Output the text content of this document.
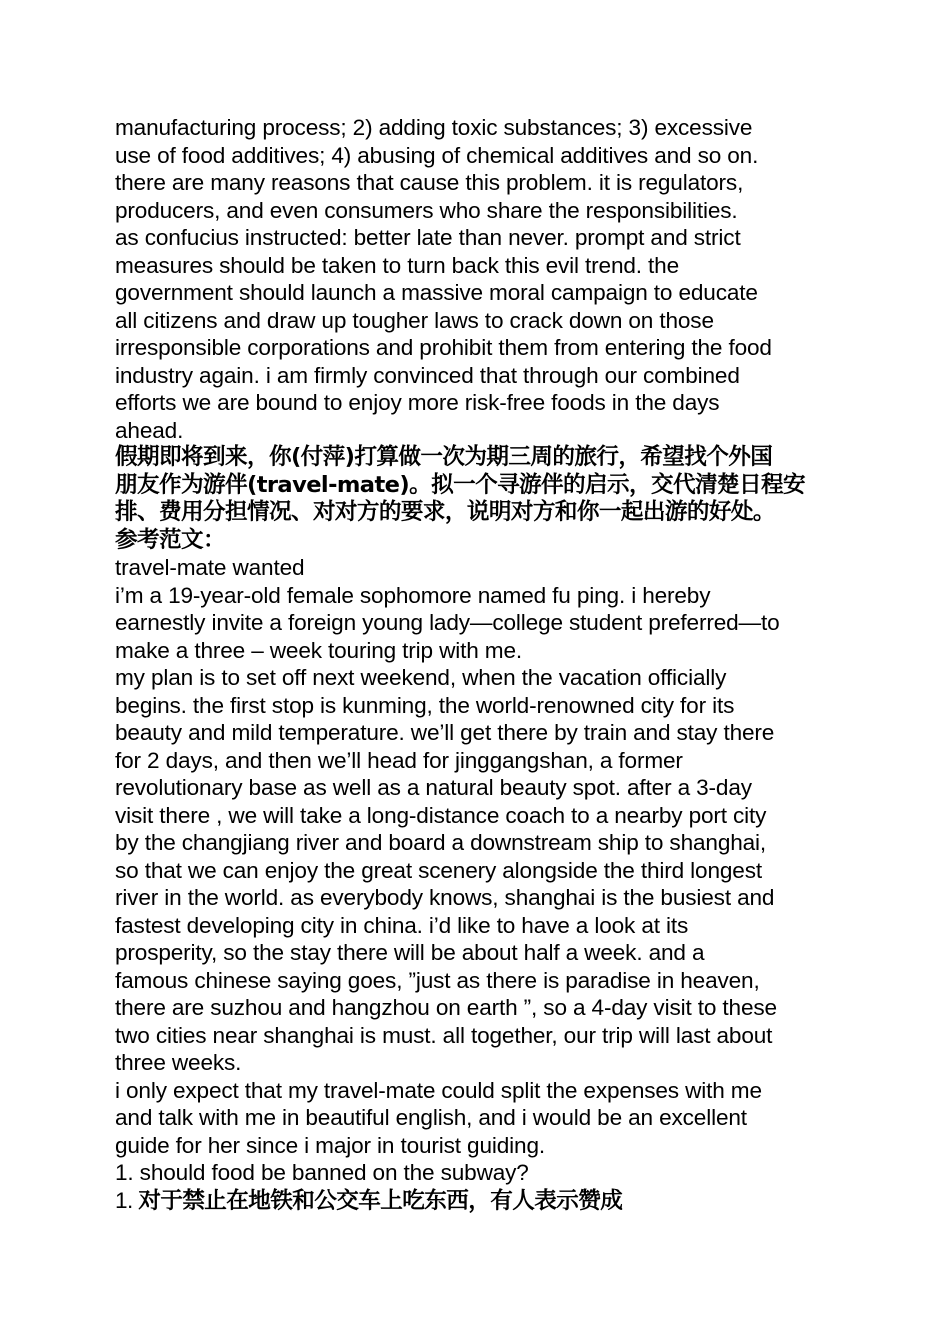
manufacturing process; 2) adding toxic substances; 3) excessive
use of food additives; 4) abusing of chemical additives and so on.
there are many reasons that cause this problem. it is regulators,
producers, and even consumers who share the responsibilities.
as confucius instructed: better late than never. prompt and strict
measures should be taken to turn back this evil trend. the
government should launch a massive moral campaign to educate
all citizens and draw up tougher laws to crack down on those
irresponsible corporations and prohibit them from entering the food
industry again. i am firmly convinced that through our combined
efforts we are bound to enjoy more risk-free foods in the days
ahead.
假期即将到来，你(付萍)打算做一次为期三周的旅行，希望找个外国
朋友作为游伴(travel-mate)。拟一个寻游伴的启示，交代清楚日程安
排、费用分担情况、对对方的要求，说明对方和你一起出游的好处。
参考范文：
travel-mate wanted
i’m a 19-year-old female sophomore named fu ping. i hereby
earnestly invite a foreign young lady—college student preferred—to
make a three – week touring trip with me.
my plan is to set off next weekend, when the vacation officially
begins. the first stop is kunming, the world-renowned city for its
beauty and mild temperature. we’ll get there by train and stay there
for 2 days, and then we’ll head for jinggangshan, a former
revolutionary base as well as a natural beauty spot. after a 3-day
visit there , we will take a long-distance coach to a nearby port city
by the changjiang river and board a downstream ship to shanghai,
so that we can enjoy the great scenery alongside the third longest
river in the world. as everybody knows, shanghai is the busiest and
fastest developing city in china. i’d like to have a look at its
prosperity, so the stay there will be about half a week. and a
famous chinese saying goes, ”just as there is paradise in heaven,
there are suzhou and hangzhou on earth ”, so a 4-day visit to these
two cities near shanghai is must. all together, our trip will last about
three weeks.
i only expect that my travel-mate could split the expenses with me
and talk with me in beautiful english, and i would be an excellent
guide for her since i major in tourist guiding.
1. should food be banned on the subway?
1. 对于禁止在地铁和公交车上吃东西，有人表示赞成
